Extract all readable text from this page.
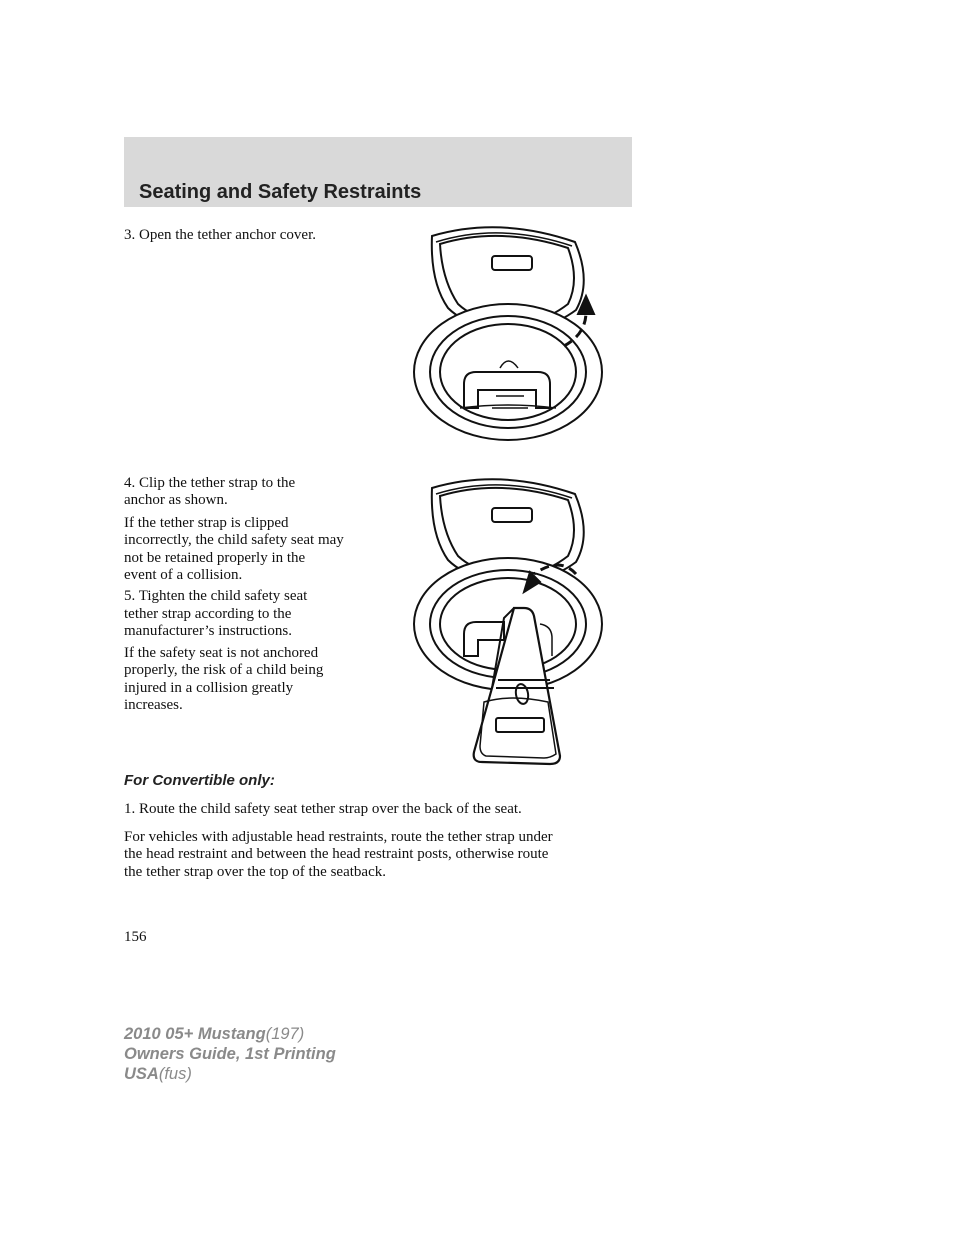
Seating and Safety Restraints

3. Open the tether anchor cover.

4. Clip the tether strap to the

anchor as shown.

If the tether strap is clipped

incorrectly, the child safety seat may

not be retained properly in the

event of a collision.

5. Tighten the child safety seat

tether strap according to the

manufacturer’s instructions.

If the safety seat is not anchored

properly, the risk of a child being

injured in a collision greatly

increases.

For Convertible only:

1. Route the child safety seat tether strap over the back of the seat.

For vehicles with adjustable head restraints, route the tether strap under

the head restraint and between the head restraint posts, otherwise route

the tether strap over the top of the seatback.

156

2010 05+ Mustang(197)
Owners Guide, 1st Printing
USA(fus)
